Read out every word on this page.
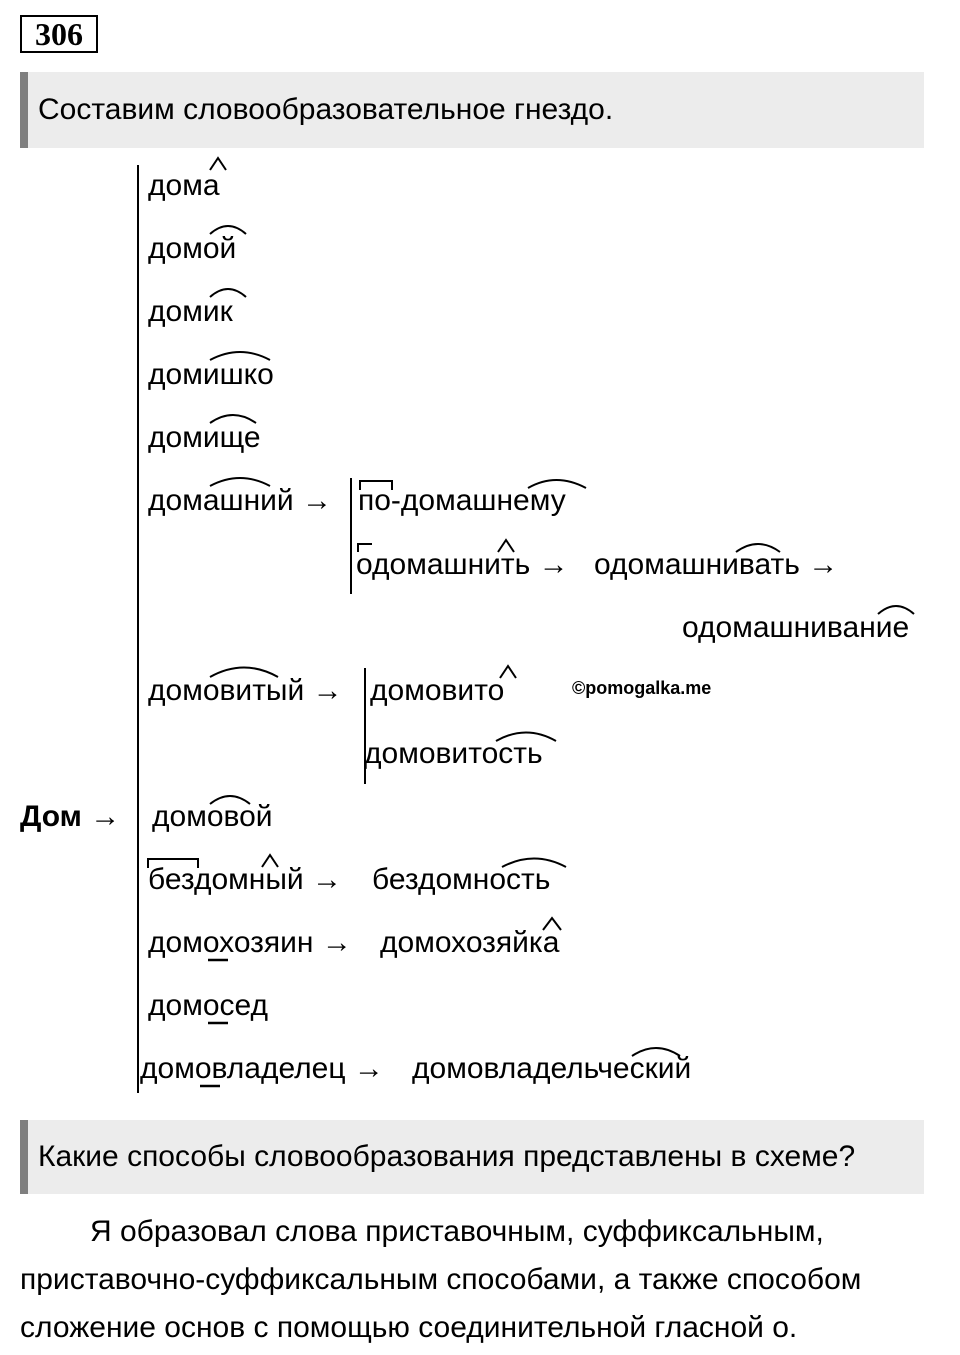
306
Составим словообразовательное гнездо.
Дом →
дома
домой
домик
домишко
домище
домашний → по-домашнему
одомашнить → одомашнивать →
одомашнивание
домовитый → домовито	©pomogalka.me
домовитость
домовой
бездомный → бездомность
домохозяин → домохозяйка
домосед
домовладелец → домовладельческий
Какие способы словообразования представлены в схеме?

Я образовал слова приставочным, суффиксальным, приставочно-суффиксальным способами, а также способом сложение основ с помощью соединительной гласной о.
